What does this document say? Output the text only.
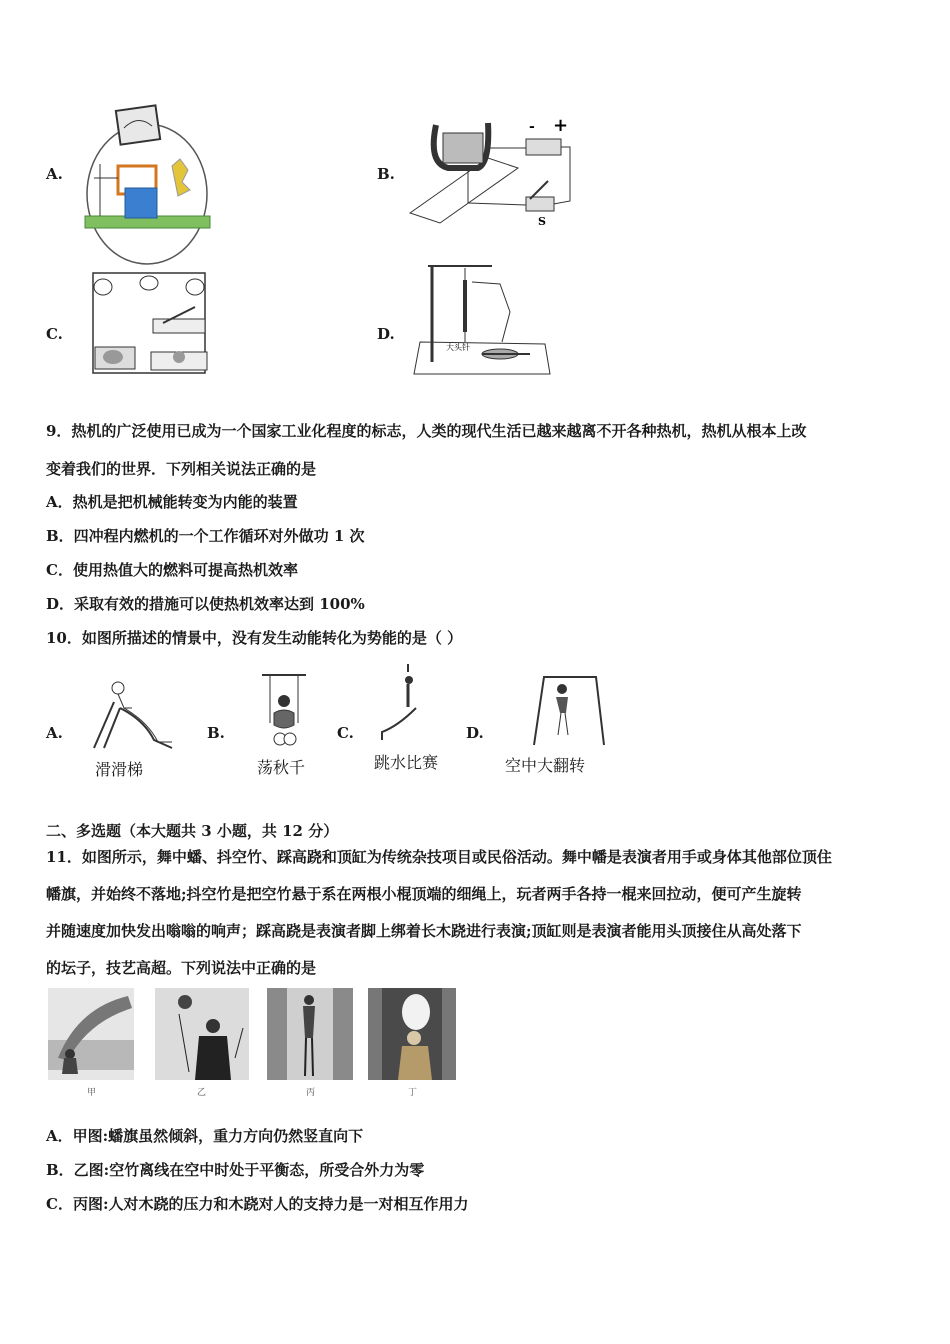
A.	B.
- +
S
C.	D.
大头针
9．热机的广泛使用已成为一个国家工业化程度的标志，人类的现代生活已越来越离不开各种热机，热机从根本上改
变着我们的世界．下列相关说法正确的是
A．热机是把机械能转变为内能的装置
B．四冲程内燃机的一个工作循环对外做功 1 次
C．使用热值大的燃料可提高热机效率
D．采取有效的措施可以使热机效率达到 100%
10．如图所描述的情景中，没有发生动能转化为势能的是（ ）
A.
滑滑梯
B.
荡秋千
C.
跳水比赛
D.
空中大翻转
二、多选题（本大题共 3 小题，共 12 分）
11．如图所示，舞中蟠、抖空竹、踩高跷和顶缸为传统杂技项目或民俗活动。舞中幡是表演者用手或身体其他部位顶住
幡旗，并始终不落地;抖空竹是把空竹悬于系在两根小棍顶端的细绳上，玩者两手各持一棍来回拉动，便可产生旋转
并随速度加快发出嗡嗡的响声；踩高跷是表演者脚上绑着长木跷进行表演;顶缸则是表演者能用头顶接住从高处落下
的坛子，技艺高超。下列说法中正确的是
甲	乙	丙	丁
A．甲图:蟠旗虽然倾斜，重力方向仍然竖直向下
B．乙图:空竹离线在空中时处于平衡态，所受合外力为零
C．丙图:人对木跷的压力和木跷对人的支持力是一对相互作用力
